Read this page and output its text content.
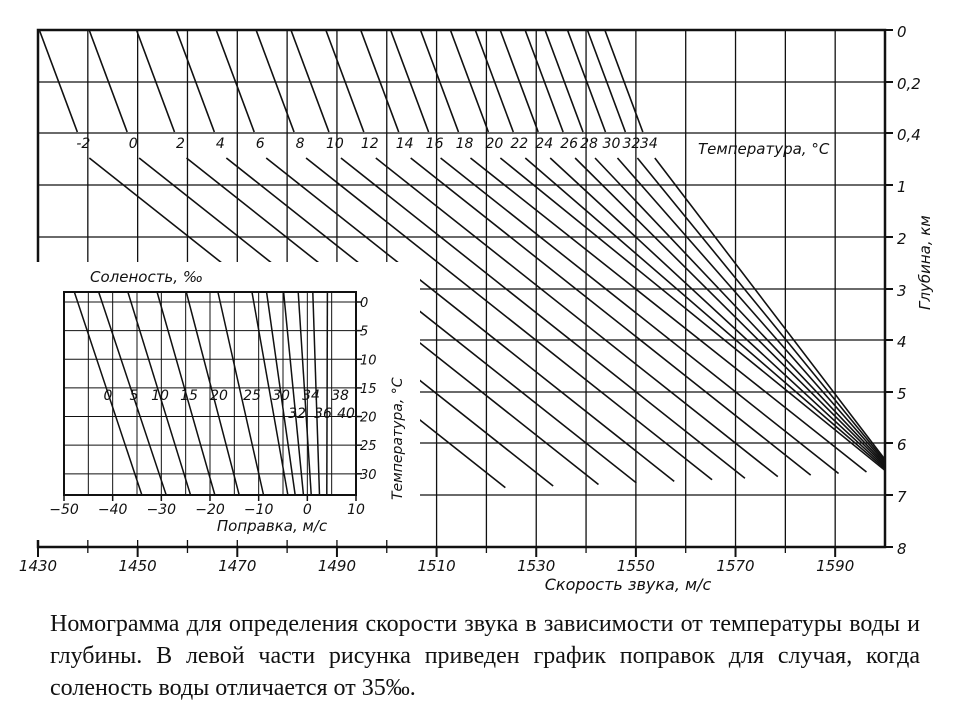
0
0,2
0,4
1
2
3
4
5
6
7
8
Глубина, км
1430	1450	1470	1490	1510	1530	1550	1570	1590
Скорость звука, м/с
-2	0	2 4 6 8 10 12 14 16 18 20 22 24 26 28 30 32 34	Температура, °C
0 5 10 15 20 25 30 34 38
32 36 40
Соленость, ‰
0
5
10
15
20
25
30 Температура, °C
−50 −40 −30 −20 −10 0	10
Поправка, м/с
Номограмма для определения скорости звука в зависимости от температуры воды и глубины. В левой части рисунка приведен график поправок для случая, когда соленость воды отличается от 35‰.
